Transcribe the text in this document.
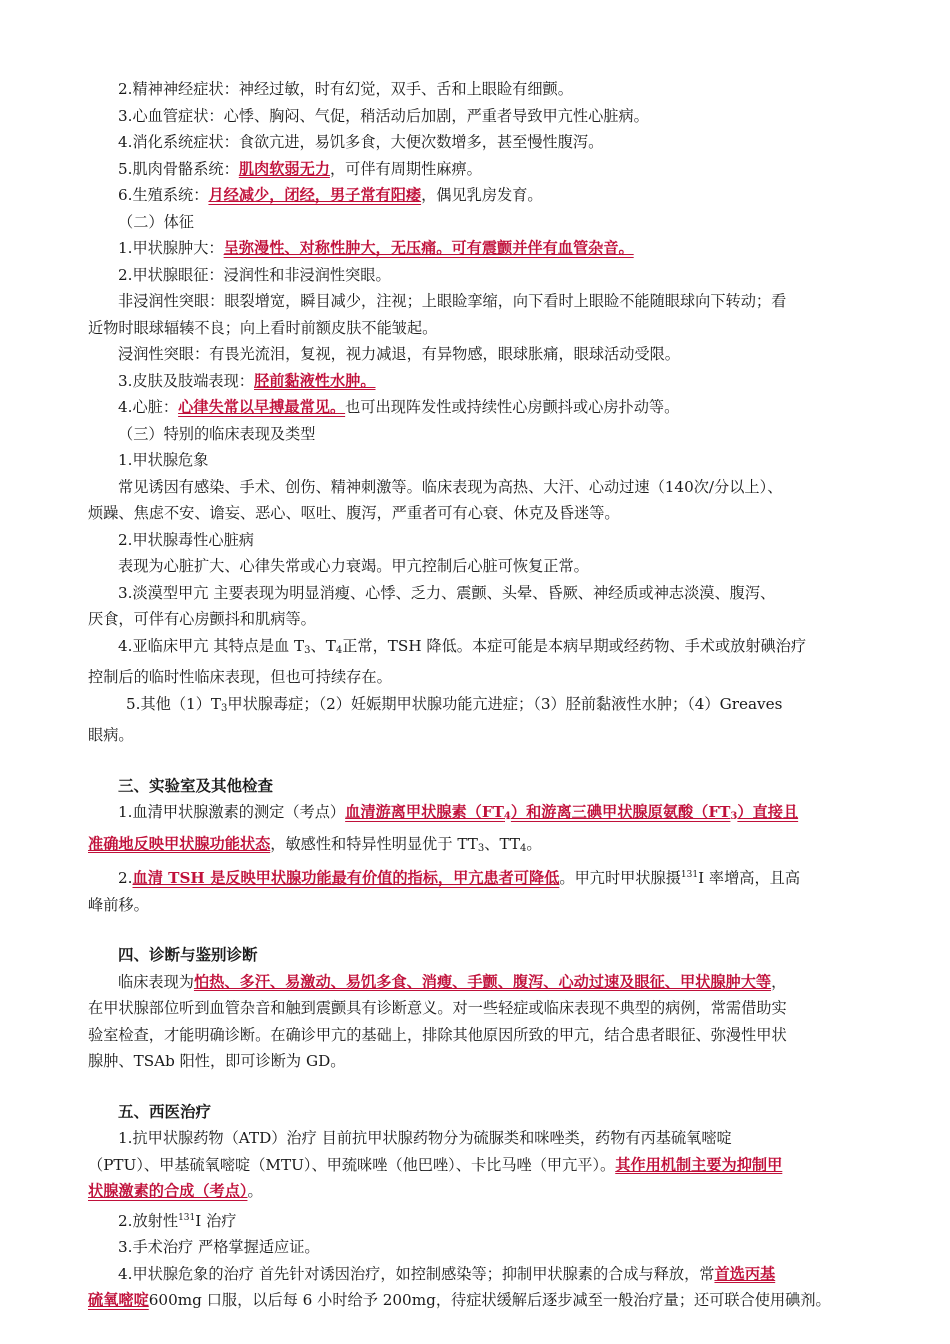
2.精神神经症状：神经过敏，时有幻觉，双手、舌和上眼睑有细颤。
3.心血管症状：心悸、胸闷、气促，稍活动后加剧，严重者导致甲亢性心脏病。
4.消化系统症状：食欲亢进，易饥多食，大便次数增多，甚至慢性腹泻。
5.肌肉骨骼系统：肌肉软弱无力，可伴有周期性麻痹。
6.生殖系统：月经减少，闭经，男子常有阳痿，偶见乳房发育。
（二）体征
1.甲状腺肿大：呈弥漫性、对称性肿大，无压痛。可有震颤并伴有血管杂音。
2.甲状腺眼征：浸润性和非浸润性突眼。
非浸润性突眼：眼裂增宽，瞬目减少，注视；上眼睑挛缩，向下看时上眼睑不能随眼球向下转动；看
近物时眼球辐辏不良；向上看时前额皮肤不能皱起。
浸润性突眼：有畏光流泪，复视，视力减退，有异物感，眼球胀痛，眼球活动受限。
3.皮肤及肢端表现：胫前黏液性水肿。
4.心脏：心律失常以早搏最常见。也可出现阵发性或持续性心房颤抖或心房扑动等。
（三）特别的临床表现及类型
1.甲状腺危象
常见诱因有感染、手术、创伤、精神刺激等。临床表现为高热、大汗、心动过速（140次/分以上）、
烦躁、焦虑不安、谵妄、恶心、呕吐、腹泻，严重者可有心衰、休克及昏迷等。
2.甲状腺毒性心脏病
表现为心脏扩大、心律失常或心力衰竭。甲亢控制后心脏可恢复正常。
3.淡漠型甲亢 主要表现为明显消瘦、心悸、乏力、震颤、头晕、昏厥、神经质或神志淡漠、腹泻、
厌食，可伴有心房颤抖和肌病等。
4.亚临床甲亢 其特点是血 $T_3$、$T_4$正常，TSH 降低。本症可能是本病早期或经药物、手术或放射碘治疗
控制后的临时性临床表现，但也可持续存在。
5.其他$(1)T_3$甲状腺毒症；（2）妊娠期甲状腺功能亢进症；（3）胫前黏液性水肿；（4）Greaves
眼病。
三、实验室及其他检查
1.血清甲状腺激素的测定（考点）血清游离甲状腺素$(FT_4)$和游离三碘甲状腺原氨酸$(FT_3)$直接且
准确地反映甲状腺功能状态，敏感性和特异性明显优于 $TT_3$、$TT_4$。
2.血清 TSH 是反映甲状腺功能最有价值的指标，甲亢患者可降低。甲亢时甲状腺摄$^{131}$I 率增高，且高
峰前移。
四、诊断与鉴别诊断
临床表现为怕热、多汗、易激动、易饥多食、消瘦、手颤、腹泻、心动过速及眼征、甲状腺肿大等，
在甲状腺部位听到血管杂音和触到震颤具有诊断意义。对一些轻症或临床表现不典型的病例，常需借助实
验室检查，才能明确诊断。在确诊甲亢的基础上，排除其他原因所致的甲亢，结合患者眼征、弥漫性甲状
腺肿、TSAb 阳性，即可诊断为 GD。
五、西医治疗
1.抗甲状腺药物（ATD）治疗 目前抗甲状腺药物分为硫脲类和咪唑类，药物有丙基硫氧嘧啶
（PTU）、甲基硫氧嘧啶（MTU）、甲巯咪唑（他巴唑）、卡比马唑（甲亢平）。其作用机制主要为抑制甲
状腺激素的合成（考点）。
2.放射性$^{131}$I 治疗
3.手术治疗 严格掌握适应证。
4.甲状腺危象的治疗 首先针对诱因治疗，如控制感染等；抑制甲状腺素的合成与释放，常首选丙基
硫氧嘧啶600mg 口服，以后每 6 小时给予 200mg，待症状缓解后逐步减至一般治疗量；还可联合使用碘剂。
